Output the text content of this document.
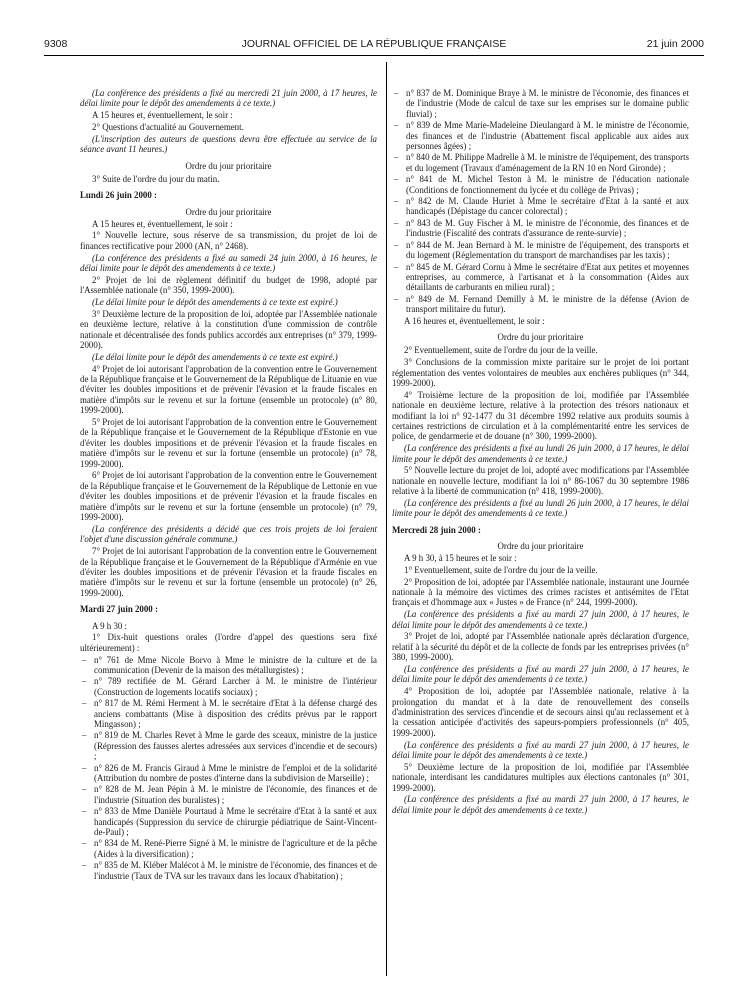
9308	JOURNAL OFFICIEL DE LA RÉPUBLIQUE FRANÇAISE	21 juin 2000

(La conférence des présidents a fixé au mercredi 21 juin 2000, à 17 heures, le délai limite pour le dépôt des amendements à ce texte.)

A 15 heures et, éventuellement, le soir :

2° Questions d'actualité au Gouvernement.

(L'inscription des auteurs de questions devra être effectuée au service de la séance avant 11 heures.)

Ordre du jour prioritaire

3° Suite de l'ordre du jour du matin.

Lundi 26 juin 2000 :

Ordre du jour prioritaire

A 15 heures et, éventuellement, le soir :

1° Nouvelle lecture, sous réserve de sa transmission, du projet de loi de finances rectificative pour 2000 (AN, n° 2468).

(La conférence des présidents a fixé au samedi 24 juin 2000, à 16 heures, le délai limite pour le dépôt des amendements à ce texte.)

2° Projet de loi de règlement définitif du budget de 1998, adopté par l'Assemblée nationale (n° 350, 1999-2000).

(Le délai limite pour le dépôt des amendements à ce texte est expiré.)

3° Deuxième lecture de la proposition de loi, adoptée par l'Assemblée nationale en deuxième lecture, relative à la constitution d'une commission de contrôle nationale et décentralisée des fonds publics accordés aux entreprises (n° 379, 1999-2000).

(Le délai limite pour le dépôt des amendements à ce texte est expiré.)

4° Projet de loi autorisant l'approbation de la convention entre le Gouvernement de la République française et le Gouvernement de la République de Lituanie en vue d'éviter les doubles impositions et de prévenir l'évasion et la fraude fiscales en matière d'impôts sur le revenu et sur la fortune (ensemble un protocole) (n° 80, 1999-2000).

5° Projet de loi autorisant l'approbation de la convention entre le Gouvernement de la République française et le Gouvernement de la République d'Estonie en vue d'éviter les doubles impositions et de prévenir l'évasion et la fraude fiscales en matière d'impôts sur le revenu et sur la fortune (ensemble un protocole) (n° 78, 1999-2000).

6° Projet de loi autorisant l'approbation de la convention entre le Gouvernement de la République française et le Gouvernement de la République de Lettonie en vue d'éviter les doubles impositions et de prévenir l'évasion et la fraude fiscales en matière d'impôts sur le revenu et sur la fortune (ensemble un protocole) (n° 79, 1999-2000).

(La conférence des présidents a décidé que ces trois projets de loi feraient l'objet d'une discussion générale commune.)

7° Projet de loi autorisant l'approbation de la convention entre le Gouvernement de la République française et le Gouvernement de la République d'Arménie en vue d'éviter les doubles impositions et de prévenir l'évasion et la fraude fiscales en matière d'impôts sur le revenu et sur la fortune (ensemble un protocole) (n° 26, 1999-2000).

Mardi 27 juin 2000 :

A 9 h 30 :

1° Dix-huit questions orales (l'ordre d'appel des questions sera fixé ultérieurement) :

– n° 761 de Mme Nicole Borvo à Mme le ministre de la culture et de la communication (Devenir de la maison des métallurgistes) ;
– n° 789 rectifiée de M. Gérard Larcher à M. le ministre de l'intérieur (Construction de logements locatifs sociaux) ;
– n° 817 de M. Rémi Herment à M. le secrétaire d'Etat à la défense chargé des anciens combattants (Mise à disposition des crédits prévus par le rapport Mingasson) ;
– n° 819 de M. Charles Revet à Mme le garde des sceaux, ministre de la justice (Répression des fausses alertes adressées aux services d'incendie et de secours) ;
– n° 826 de M. Francis Giraud à Mme le ministre de l'emploi et de la solidarité (Attribution du nombre de postes d'interne dans la subdivision de Marseille) ;
– n° 828 de M. Jean Pépin à M. le ministre de l'économie, des finances et de l'industrie (Situation des buralistes) ;
– n° 833 de Mme Danièle Pourtaud à Mme le secrétaire d'Etat à la santé et aux handicapés (Suppression du service de chirurgie pédiatrique de Saint-Vincent-de-Paul) ;
– n° 834 de M. René-Pierre Signé à M. le ministre de l'agriculture et de la pêche (Aides à la diversification) ;
– n° 835 de M. Kléber Malécot à M. le ministre de l'économie, des finances et de l'industrie (Taux de TVA sur les travaux dans les locaux d'habitation) ;
– n° 837 de M. Dominique Braye à M. le ministre de l'économie, des finances et de l'industrie (Mode de calcul de taxe sur les emprises sur le domaine public fluvial) ;
– n° 839 de Mme Marie-Madeleine Dieulangard à M. le ministre de l'économie, des finances et de l'industrie (Abattement fiscal applicable aux aides aux personnes âgées) ;
– n° 840 de M. Philippe Madrelle à M. le ministre de l'équipement, des transports et du logement (Travaux d'aménagement de la RN 10 en Nord Gironde) ;
– n° 841 de M. Michel Teston à M. le ministre de l'éducation nationale (Conditions de fonctionnement du lycée et du collège de Privas) ;
– n° 842 de M. Claude Huriet à Mme le secrétaire d'Etat à la santé et aux handicapés (Dépistage du cancer colorectal) ;
– n° 843 de M. Guy Fischer à M. le ministre de l'économie, des finances et de l'industrie (Fiscalité des contrats d'assurance de rente-survie) ;
– n° 844 de M. Jean Bernard à M. le ministre de l'équipement, des transports et du logement (Réglementation du transport de marchandises par les taxis) ;
– n° 845 de M. Gérard Cornu à Mme le secrétaire d'Etat aux petites et moyennes entreprises, au commerce, à l'artisanat et à la consommation (Aides aux détaillants de carburants en milieu rural) ;
– n° 849 de M. Fernand Demilly à M. le ministre de la défense (Avion de transport militaire du futur).

A 16 heures et, éventuellement, le soir :

Ordre du jour prioritaire

2° Eventuellement, suite de l'ordre du jour de la veille.

3° Conclusions de la commission mixte paritaire sur le projet de loi portant réglementation des ventes volontaires de meubles aux enchères publiques (n° 344, 1999-2000).

4° Troisième lecture de la proposition de loi, modifiée par l'Assemblée nationale en deuxième lecture, relative à la protection des trésors nationaux et modifiant la loi n° 92-1477 du 31 décembre 1992 relative aux produits soumis à certaines restrictions de circulation et à la complémentarité entre les services de police, de gendarmerie et de douane (n° 300, 1999-2000).

(La conférence des présidents a fixé au lundi 26 juin 2000, à 17 heures, le délai limite pour le dépôt des amendements à ce texte.)

5° Nouvelle lecture du projet de loi, adopté avec modifications par l'Assemblée nationale en nouvelle lecture, modifiant la loi n° 86-1067 du 30 septembre 1986 relative à la liberté de communication (n° 418, 1999-2000).

(La conférence des présidents a fixé au lundi 26 juin 2000, à 17 heures, le délai limite pour le dépôt des amendements à ce texte.)

Mercredi 28 juin 2000 :

Ordre du jour prioritaire

A 9 h 30, à 15 heures et le soir :

1° Eventuellement, suite de l'ordre du jour de la veille.

2° Proposition de loi, adoptée par l'Assemblée nationale, instaurant une Journée nationale à la mémoire des victimes des crimes racistes et antisémites de l'Etat français et d'hommage aux « Justes » de France (n° 244, 1999-2000).

(La conférence des présidents a fixé au mardi 27 juin 2000, à 17 heures, le délai limite pour le dépôt des amendements à ce texte.)

3° Projet de loi, adopté par l'Assemblée nationale après déclaration d'urgence, relatif à la sécurité du dépôt et de la collecte de fonds par les entreprises privées (n° 380, 1999-2000).

(La conférence des présidents a fixé au mardi 27 juin 2000, à 17 heures, le délai limite pour le dépôt des amendements à ce texte.)

4° Proposition de loi, adoptée par l'Assemblée nationale, relative à la prolongation du mandat et à la date de renouvellement des conseils d'administration des services d'incendie et de secours ainsi qu'au reclassement et à la cessation anticipée d'activités des sapeurs-pompiers professionnels (n° 405, 1999-2000).

(La conférence des présidents a fixé au mardi 27 juin 2000, à 17 heures, le délai limite pour le dépôt des amendements à ce texte.)

5° Deuxième lecture de la proposition de loi, modifiée par l'Assemblée nationale, interdisant les candidatures multiples aux élections cantonales (n° 301, 1999-2000).

(La conférence des présidents a fixé au mardi 27 juin 2000, à 17 heures, le délai limite pour le dépôt des amendements à ce texte.)
